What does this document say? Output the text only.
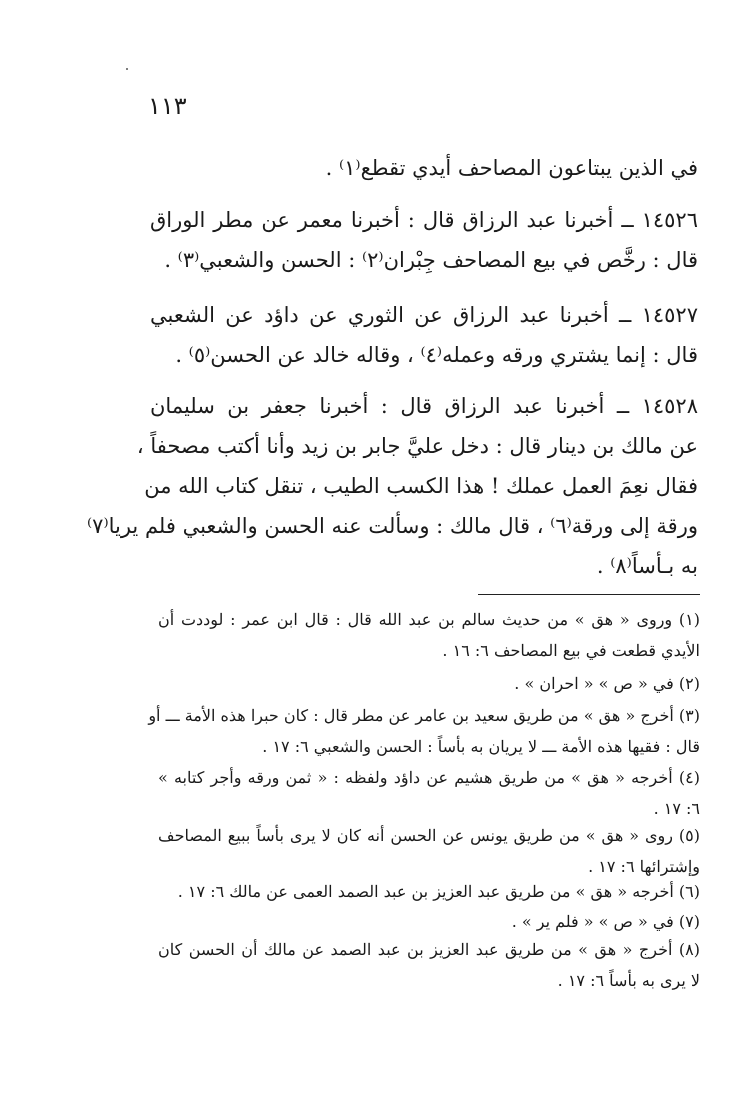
١١٣
في الذين يبتاعون المصاحف أيدي تقطع⁽١⁾ .
١٤٥٢٦ ــ أخبرنا عبد الرزاق قال : أخبرنا معمر عن مطر الوراق
قال : رخَّص في بيع المصاحف جِبْران⁽٢⁾ : الحسن والشعبي⁽٣⁾ .
١٤٥٢٧ ــ أخبرنا عبد الرزاق عن الثوري عن داؤد عن الشعبي
قال : إنما يشتري ورقه وعمله⁽٤⁾ ، وقاله خالد عن الحسن⁽٥⁾ .
١٤٥٢٨ ــ أخبرنا عبد الرزاق قال : أخبرنا جعفر بن سليمان
عن مالك بن دينار قال : دخل عليَّ جابر بن زيد وأنا أكتب مصحفاً ،
فقال نعِمَ العمل عملك ! هذا الكسب الطيب ، تنقل كتاب الله من
ورقة إلى ورقة⁽٦⁾ ، قال مالك : وسألت عنه الحسن والشعبي فلم يريا⁽٧⁾
به بـأساً⁽٨⁾ .
(١) وروى « هق » من حديث سالم بن عبد الله قال : قال ابن عمر : لوددت أن
الأيدي قطعت في بيع المصاحف ٦: ١٦ .
(٢) في « ص » « احران » .
(٣) أخرج « هق » من طريق سعيد بن عامر عن مطر قال : كان حبرا هذه الأمة ـــ أو
قال : فقيها هذه الأمة ـــ لا يريان به بأساً : الحسن والشعبي ٦: ١٧ .
(٤) أخرجه « هق » من طريق هشيم عن داؤد ولفظه : « ثمن ورقه وأجر كتابه »
٦: ١٧ .
(٥) روى « هق » من طريق يونس عن الحسن أنه كان لا يرى بأساً ببيع المصاحف
وإشترائها ٦: ١٧ .
(٦) أخرجه « هق » من طريق عبد العزيز بن عبد الصمد العمى عن مالك ٦: ١٧ .
(٧) في « ص » « فلم ير » .
(٨) أخرج « هق » من طريق عبد العزيز بن عبد الصمد عن مالك أن الحسن كان
لا يرى به بأساً ٦: ١٧ .
